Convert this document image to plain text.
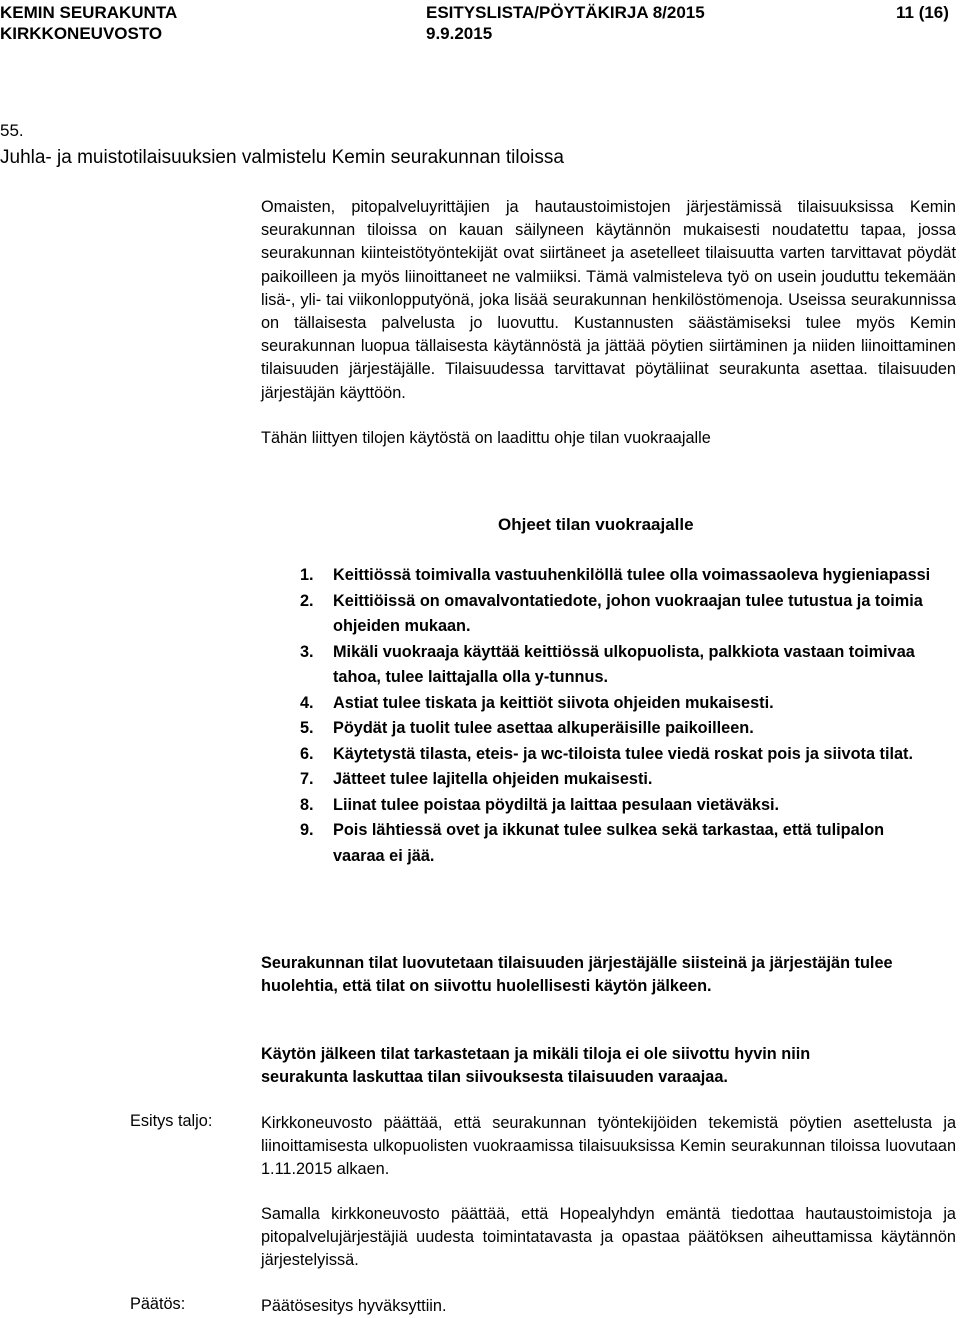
KEMIN SEURAKUNTA	ESITYSLISTA/PÖYTÄKIRJA 8/2015	11 (16)
KIRKKONEUVOSTO	9.9.2015
55.
Juhla- ja muistotilaisuuksien valmistelu Kemin seurakunnan tiloissa

Omaisten, pitopalveluyrittäjien ja hautaustoimistojen järjestämissä tilaisuuksissa Kemin seurakunnan tiloissa on kauan säilyneen käytännön mukaisesti noudatettu tapaa, jossa seurakunnan kiinteistötyöntekijät ovat siirtäneet ja asetelleet tilaisuutta varten tarvittavat pöydät paikoilleen ja myös liinoittaneet ne valmiiksi. Tämä valmisteleva työ on usein jouduttu tekemään lisä-, yli- tai viikonlopputyönä, joka lisää seurakunnan henkilöstömenoja. Useissa seurakunnissa on tällaisesta palvelusta jo luovuttu. Kustannusten säästämiseksi tulee myös Kemin seurakunnan luopua tällaisesta käytännöstä ja jättää pöytien siirtäminen ja niiden liinoittaminen tilaisuuden järjestäjälle. Tilaisuudessa tarvittavat pöytäliinat seurakunta asettaa. tilaisuuden järjestäjän käyttöön.

Tähän liittyen tilojen käytöstä on laadittu ohje tilan vuokraajalle

Ohjeet tilan vuokraajalle
1.	Keittiössä toimivalla vastuuhenkilöllä tulee olla voimassaoleva hygieniapassi
2.	Keittiöissä on omavalvontatiedote, johon vuokraajan tulee tutustua ja toimia ohjeiden mukaan.
3.	Mikäli vuokraaja käyttää keittiössä ulkopuolista, palkkiota vastaan toimivaa tahoa, tulee laittajalla olla y-tunnus.
4.	Astiat tulee tiskata ja keittiöt siivota ohjeiden mukaisesti.
5.	Pöydät ja tuolit tulee asettaa alkuperäisille paikoilleen.
6.	Käytetystä tilasta, eteis- ja wc-tiloista tulee viedä roskat pois ja siivota tilat.
7.	Jätteet tulee lajitella ohjeiden mukaisesti.
8.	Liinat tulee poistaa pöydiltä ja laittaa pesulaan vietäväksi.
9.	Pois lähtiessä ovet ja ikkunat tulee sulkea sekä tarkastaa, että tulipalon vaaraa ei jää.

Seurakunnan tilat luovutetaan tilaisuuden järjestäjälle siisteinä ja järjestäjän tulee huolehtia, että tilat on siivottu huolellisesti käytön jälkeen.

Käytön jälkeen tilat tarkastetaan ja mikäli tiloja ei ole siivottu hyvin niin seurakunta laskuttaa tilan siivouksesta tilaisuuden varaajaa.

Esitys taljo:	Kirkkoneuvosto päättää, että seurakunnan työntekijöiden tekemistä pöytien asettelusta ja liinoittamisesta ulkopuolisten vuokraamissa tilaisuuksissa Kemin seurakunnan tiloissa luovutaan 1.11.2015 alkaen.

Samalla kirkkoneuvosto päättää, että Hopealyhdyn emäntä tiedottaa hautaustoimistoja ja pitopalvelujärjestäjiä uudesta toimintatavasta ja opastaa päätöksen aiheuttamissa käytännön järjestelyissä.

Päätös:	Päätösesitys hyväksyttiin.
